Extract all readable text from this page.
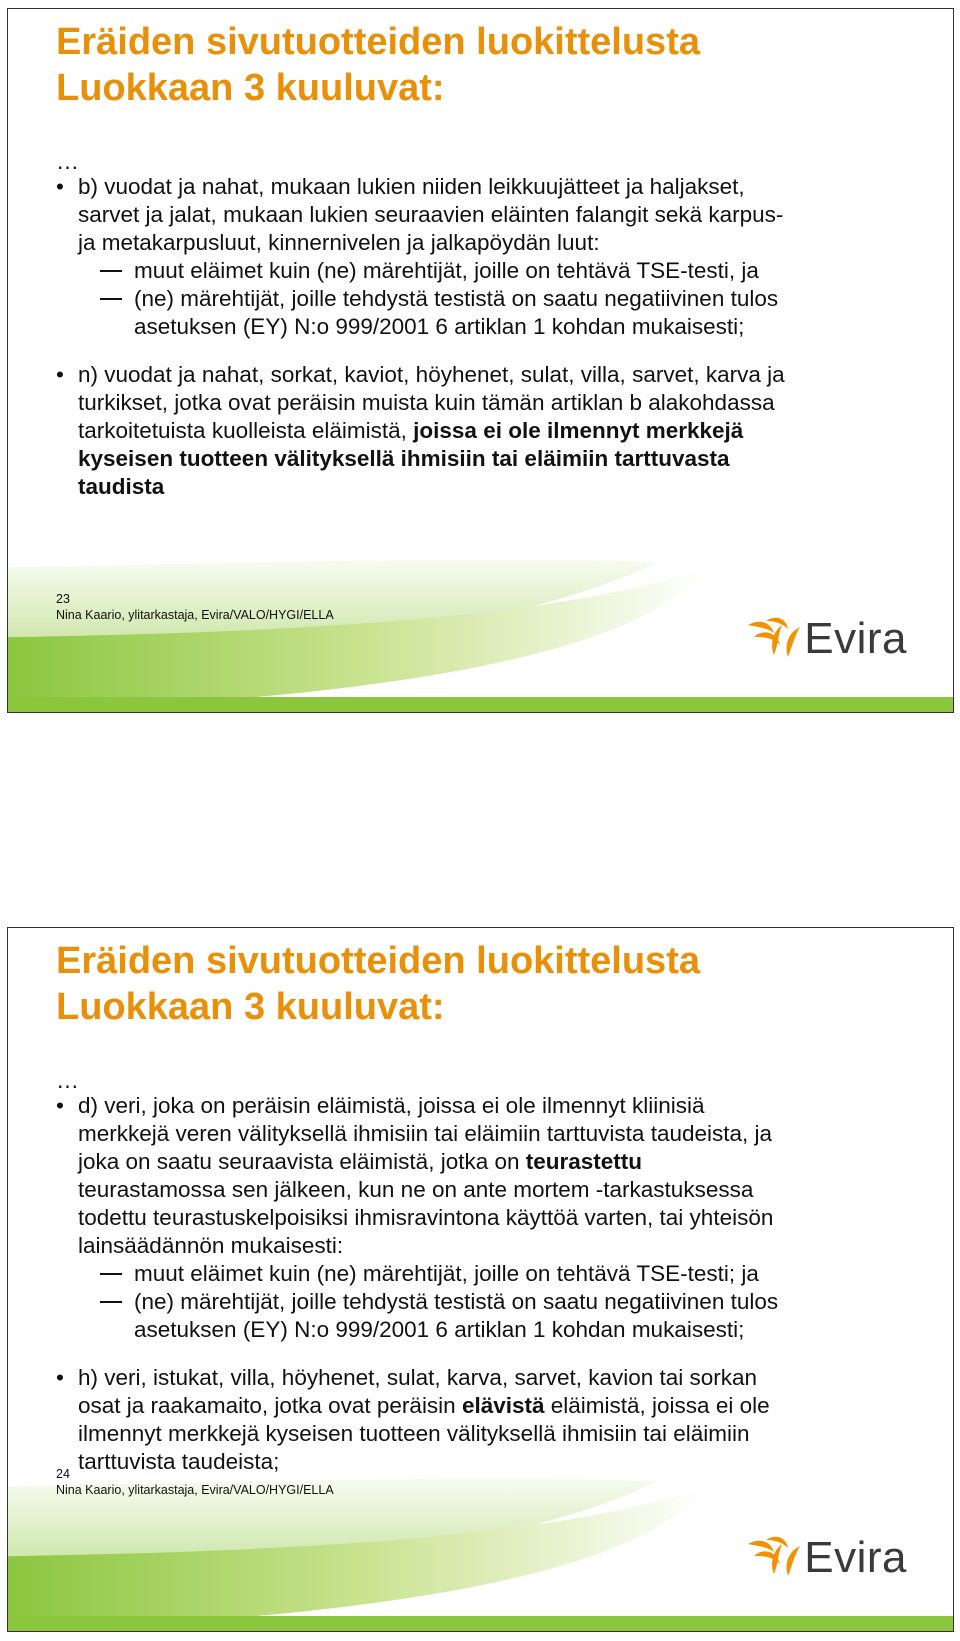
Eräiden sivutuotteiden luokittelusta
Luokkaan 3 kuuluvat:
…
• b) vuodat ja nahat, mukaan lukien niiden leikkuujätteet ja haljakset,
sarvet ja jalat, mukaan lukien seuraavien eläinten falangit sekä karpus-
ja metakarpusluut, kinnernivelen ja jalkapöydän luut:
muut eläimet kuin (ne) märehtijät, joille on tehtävä TSE-testi, ja
(ne) märehtijät, joille tehdystä testistä on saatu negatiivinen tulos
asetuksen (EY) N:o 999/2001 6 artiklan 1 kohdan mukaisesti;
• n) vuodat ja nahat, sorkat, kaviot, höyhenet, sulat, villa, sarvet, karva ja
turkikset, jotka ovat peräisin muista kuin tämän artiklan b alakohdassa
tarkoitetuista kuolleista eläimistä, joissa ei ole ilmennyt merkkejä
kyseisen tuotteen välityksellä ihmisiin tai eläimiin tarttuvasta
taudista
23
Nina Kaario, ylitarkastaja, Evira/VALO/HYGI/ELLA	Evira
Eräiden sivutuotteiden luokittelusta
Luokkaan 3 kuuluvat:
…
• d) veri, joka on peräisin eläimistä, joissa ei ole ilmennyt kliinisiä
merkkejä veren välityksellä ihmisiin tai eläimiin tarttuvista taudeista, ja
joka on saatu seuraavista eläimistä, jotka on teurastettu
teurastamossa sen jälkeen, kun ne on ante mortem -tarkastuksessa
todettu teurastuskelpoisiksi ihmisravintona käyttöä varten, tai yhteisön
lainsäädännön mukaisesti:
muut eläimet kuin (ne) märehtijät, joille on tehtävä TSE-testi; ja
(ne) märehtijät, joille tehdystä testistä on saatu negatiivinen tulos
asetuksen (EY) N:o 999/2001 6 artiklan 1 kohdan mukaisesti;
• h) veri, istukat, villa, höyhenet, sulat, karva, sarvet, kavion tai sorkan
osat ja raakamaito, jotka ovat peräisin elävistä eläimistä, joissa ei ole
ilmennyt merkkejä kyseisen tuotteen välityksellä ihmisiin tai eläimiin
tarttuvista taudeista;
24
Nina Kaario, ylitarkastaja, Evira/VALO/HYGI/ELLA
Evira
